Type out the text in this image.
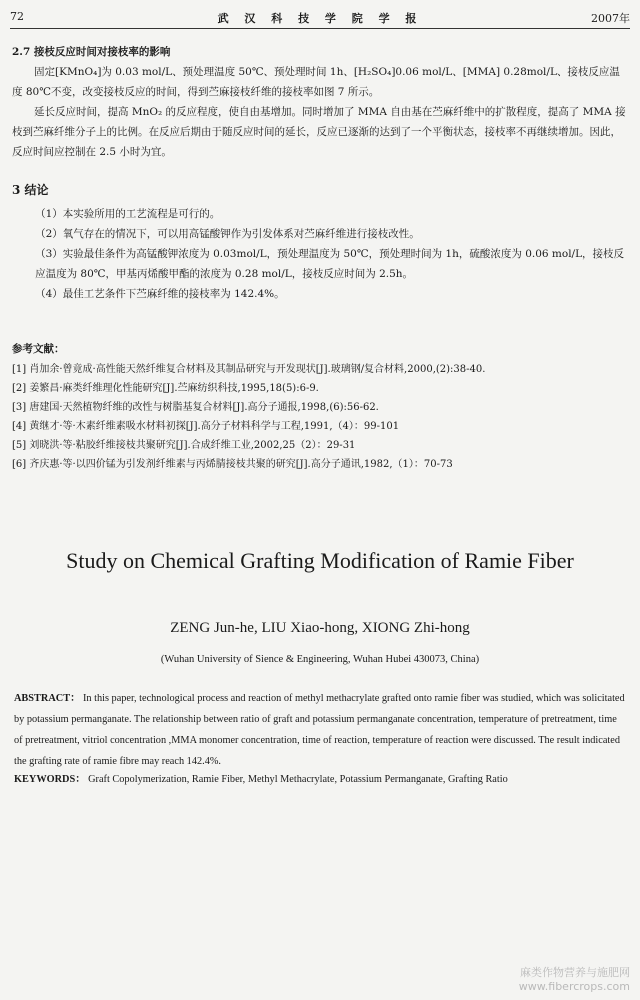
72	武 汉 科 技 学 院 学 报	2007年
2.7 接枝反应时间对接枝率的影响
固定[KMnO₄]为 0.03 mol/L、预处理温度 50℃、预处理时间 1h、[H₂SO₄]0.06 mol/L、[MMA] 0.28mol/L、接枝反应温度 80℃不变，改变接枝反应的时间，得到苎麻接枝纤维的接枝率如图 7 所示。
延长反应时间，提高 MnO₂ 的反应程度，使自由基增加。同时增加了 MMA 自由基在苎麻纤维中的扩散程度，提高了 MMA 接枝到苎麻纤维分子上的比例。在反应后期由于随反应时间的延长，反应已逐渐的达到了一个平衡状态，接枝率不再继续增加。因此，反应时间应控制在 2.5 小时为宜。
3 结论
（1）本实验所用的工艺流程是可行的。
（2）氧气存在的情况下，可以用高锰酸钾作为引发体系对苎麻纤维进行接枝改性。
（3）实验最佳条件为高锰酸钾浓度为 0.03mol/L，预处理温度为 50℃，预处理时间为 1h，硫酸浓度为 0.06 mol/L，接枝反应温度为 80℃，甲基丙烯酸甲酯的浓度为 0.28 mol/L，接枝反应时间为 2.5h。
（4）最佳工艺条件下苎麻纤维的接枝率为 142.4%。
参考文献：
[1] 肖加余·曾竟成·高性能天然纤维复合材料及其制品研究与开发现状[J].玻璃钢/复合材料,2000,(2):38-40.
[2] 姜繁昌·麻类纤维理化性能研究[J].苎麻纺织科技,1995,18(5):6-9.
[3] 唐建国·天然植物纤维的改性与树脂基复合材料[J].高分子通报,1998,(6):56-62.
[4] 黄继才·等·木素纤维素吸水材料初探[J].高分子材料科学与工程,1991,（4）：99-101
[5] 刘晓洪·等·粘胶纤维接枝共聚研究[J].合成纤维工业,2002,25（2）：29-31
[6] 齐庆惠·等·以四价锰为引发剂纤维素与丙烯腈接枝共聚的研究[J].高分子通讯,1982,（1）：70-73
Study on Chemical Grafting Modification of Ramie Fiber
ZENG Jun-he, LIU Xiao-hong, XIONG Zhi-hong
(Wuhan University of Sience & Engineering, Wuhan Hubei 430073, China)
ABSTRACT： In this paper, technological process and reaction of methyl methacrylate grafted onto ramie fiber was studied, which was solicitated by potassium permanganate. The relationship between ratio of graft and potassium permanganate concentration, temperature of pretreatment, time of pretreatment, vitriol concentration ,MMA monomer concentration, time of reaction, temperature of reaction were discussed. The result indicated the grafting rate of ramie fibre may reach 142.4%.
KEYWORDS： Graft Copolymerization, Ramie Fiber, Methyl Methacrylate, Potassium Permanganate, Grafting Ratio
麻类作物营养与施肥网
www.fibercrops.com
